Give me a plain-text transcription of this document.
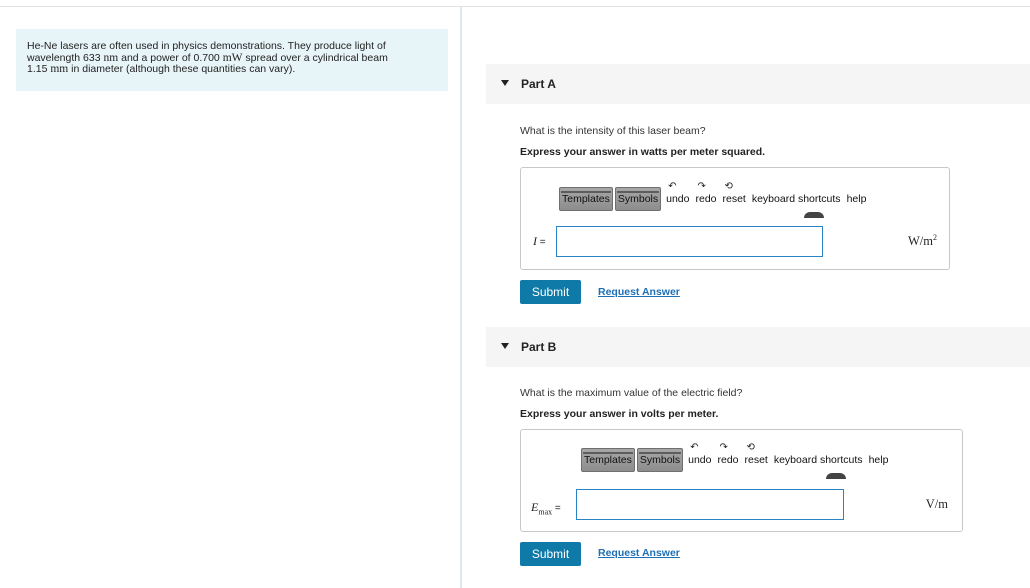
He-Ne lasers are often used in physics demonstrations. They produce light of
wavelength 633 nm and a power of 0.700 mW spread over a cylindrical beam
1.15 mm in diameter (although these quantities can vary).
Part A
What is the intensity of this laser beam?
Express your answer in watts per meter squared.
Templates Symbols
↶
undo
↷
redo
⟲
reset keyboard shortcuts help
I =	$W/m^2$
Submit	Request Answer
Part B
What is the maximum value of the electric field?
Express your answer in volts per meter.
Templates Symbols
↶
undo
↷
redo
⟲
reset keyboard shortcuts help
$E_{max}$ =	V/m
Submit	Request Answer
